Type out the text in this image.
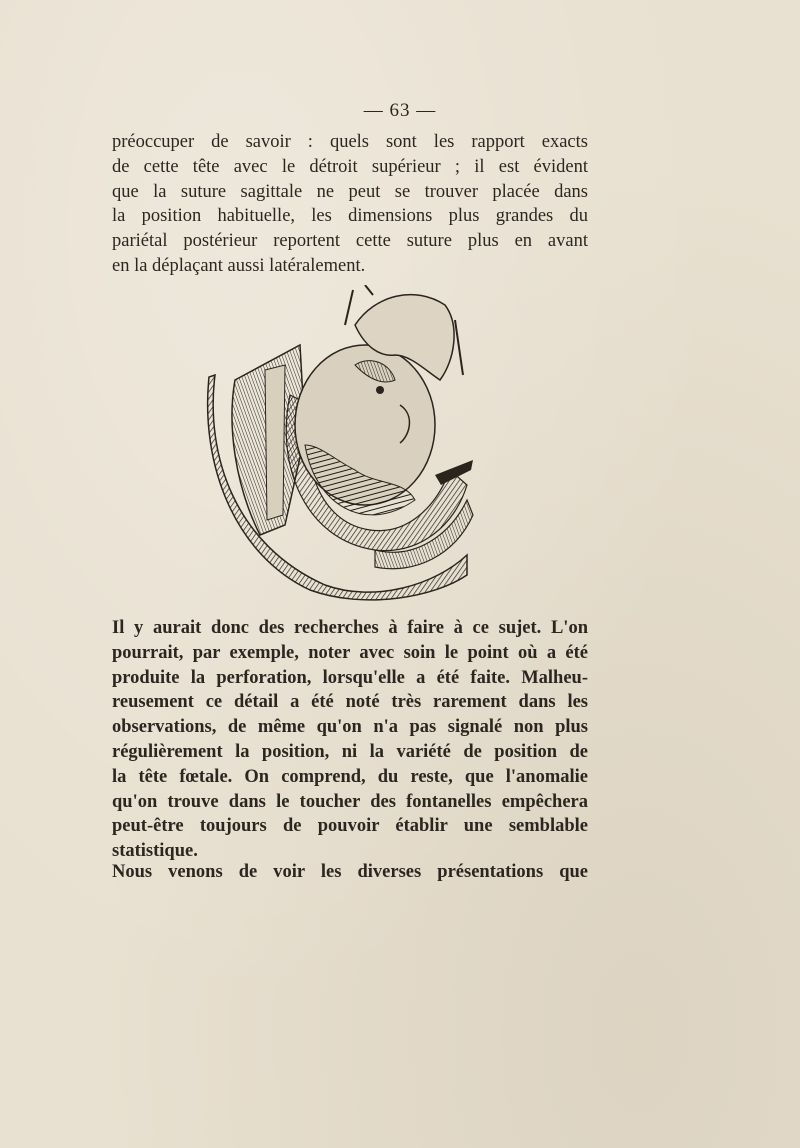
— 63 —
préoccuper de savoir : quels sont les rapport exacts
de cette tête avec le détroit supérieur ; il est évident
que la suture sagittale ne peut se trouver placée dans
la position habituelle, les dimensions plus grandes du
pariétal postérieur reportent cette suture plus en avant
en la déplaçant aussi latéralement.
Il y aurait donc des recherches à faire à ce sujet. L'on
pourrait, par exemple, noter avec soin le point où a été
produite la perforation, lorsqu'elle a été faite. Malheu-
reusement ce détail a été noté très rarement dans les
observations, de même qu'on n'a pas signalé non plus
régulièrement la position, ni la variété de position de
la tête fœtale. On comprend, du reste, que l'anomalie
qu'on trouve dans le toucher des fontanelles empêchera
peut-être toujours de pouvoir établir une semblable
statistique.
Nous venons de voir les diverses présentations que
